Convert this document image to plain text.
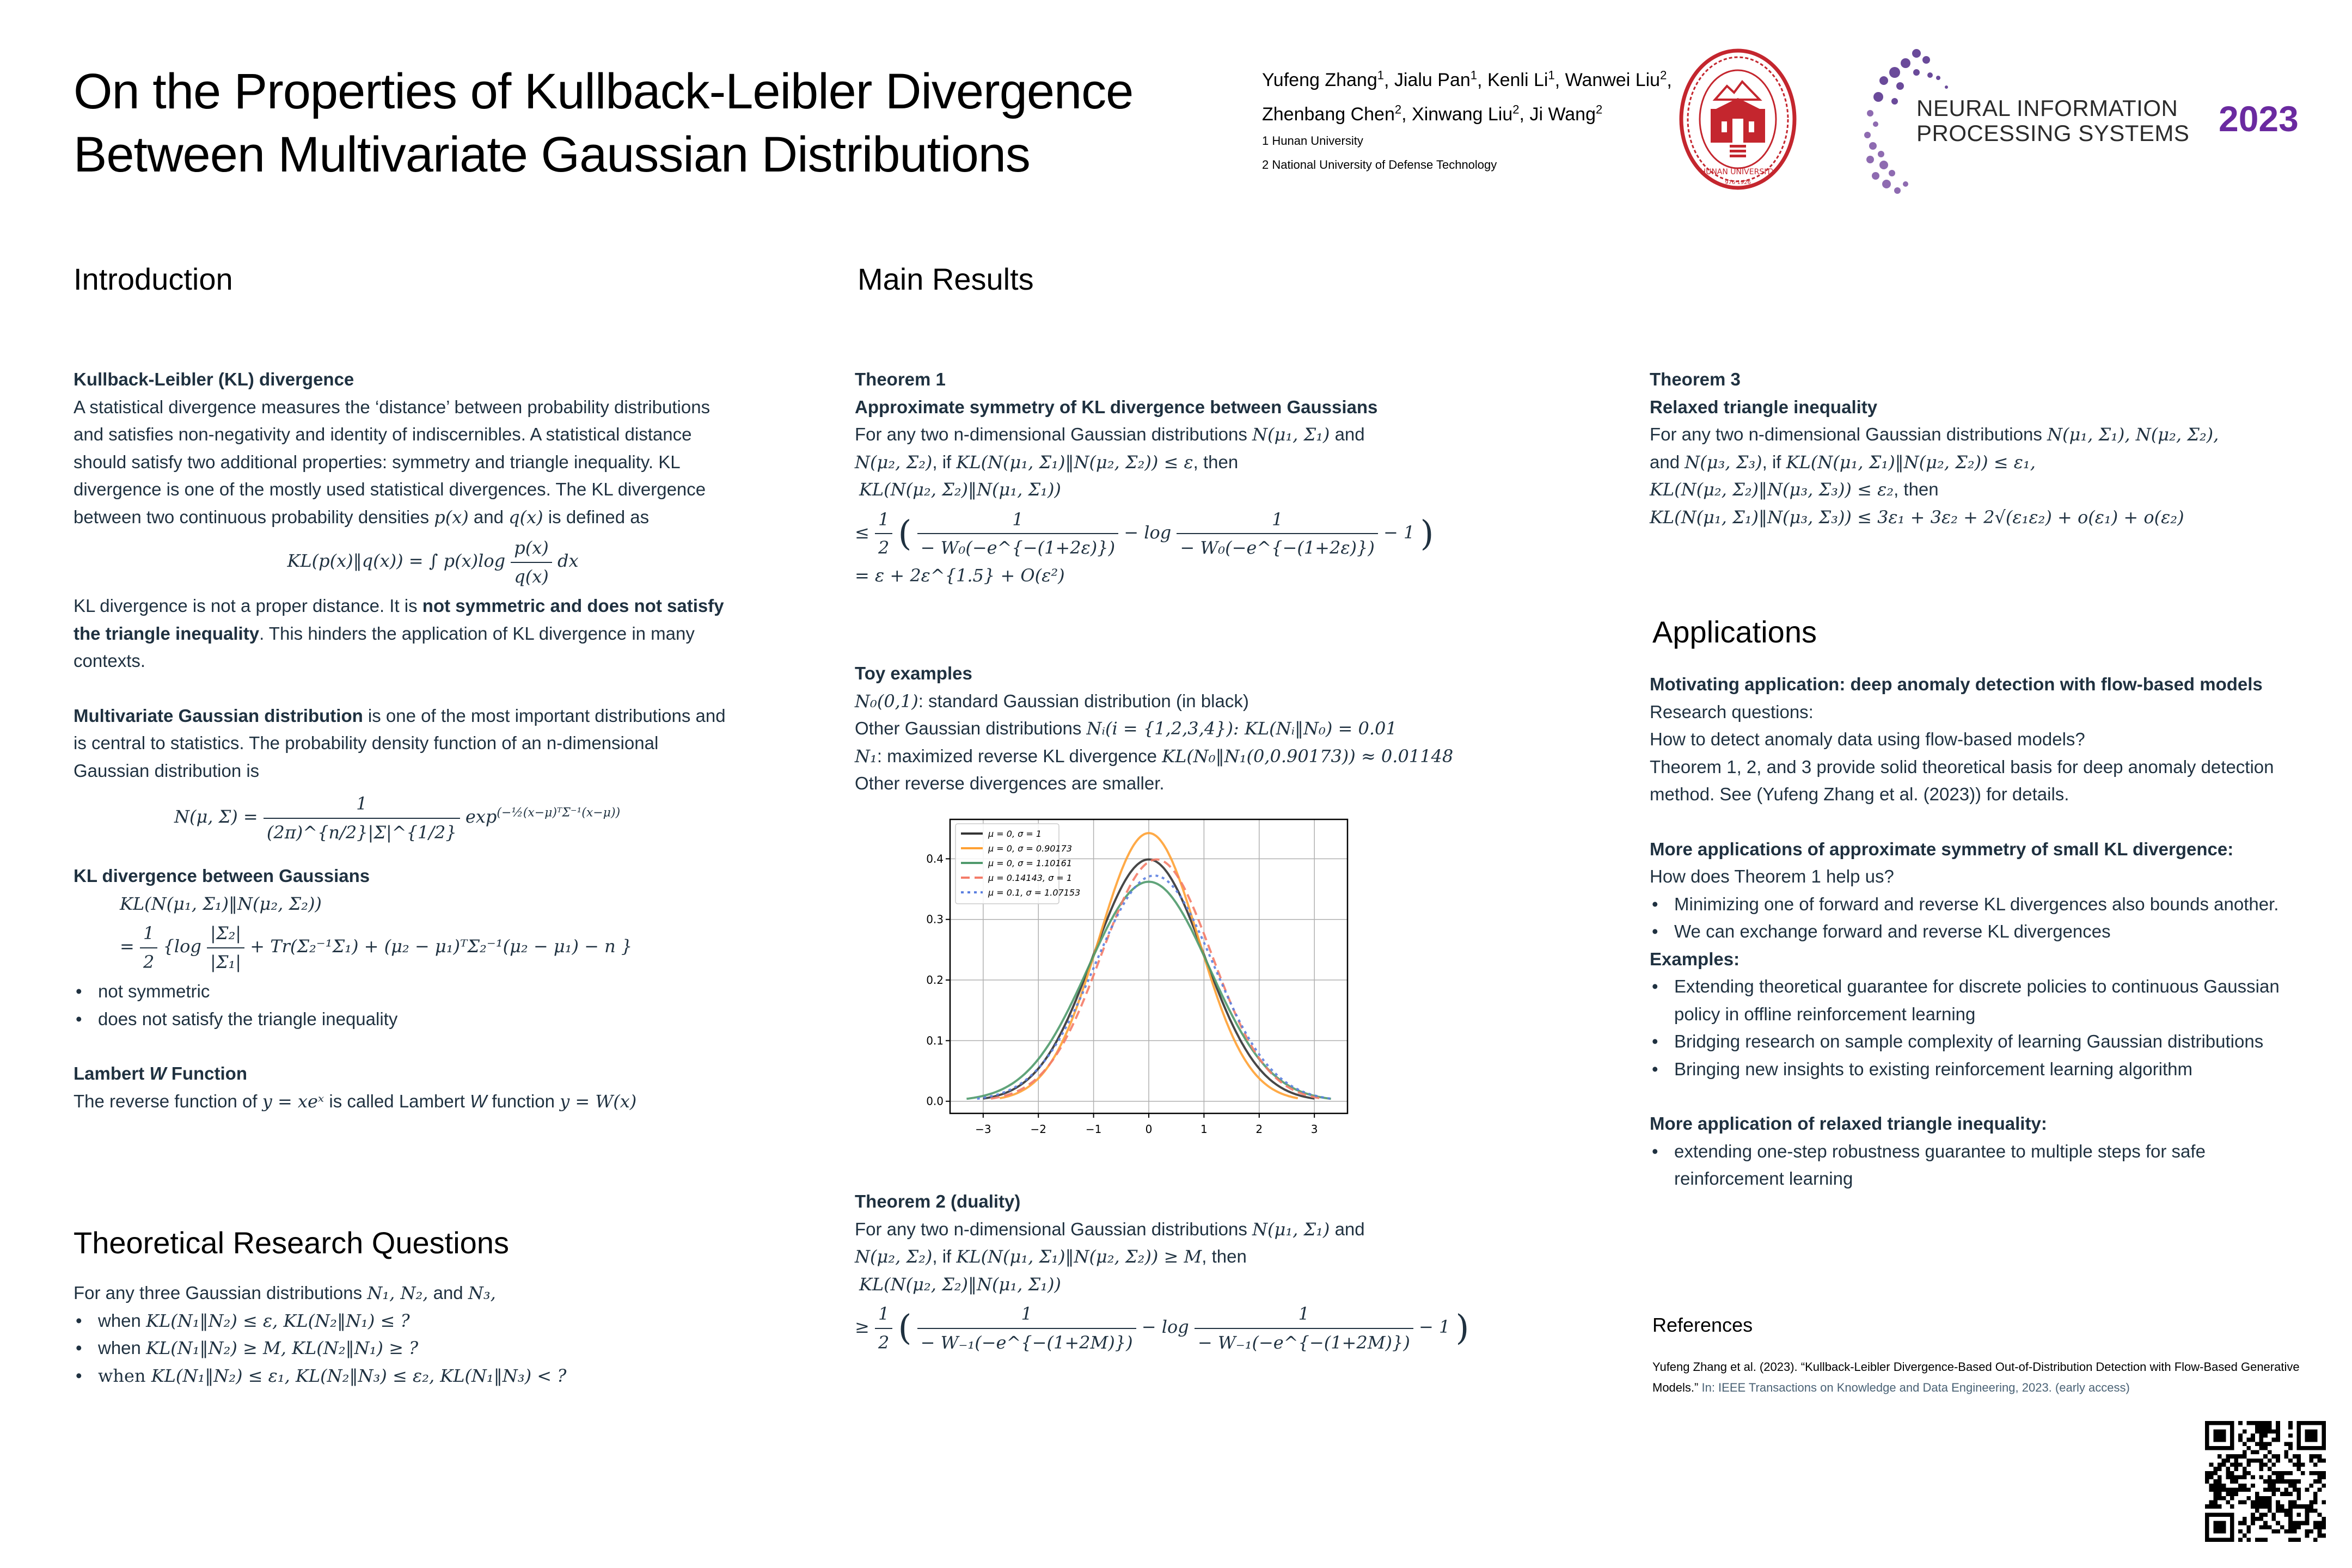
On the Properties of Kullback-Leibler Divergence
Between Multivariate Gaussian Distributions
Yufeng Zhang$^1$, Jialu Pan$^1$, Kenli Li$^1$, Wanwei Liu$^2$,
Zhenbang Chen$^2$, Xinwang Liu$^2$, Ji Wang$^2$
1 Hunan University
2 National University of Defense Technology
HUNAN UNIVERSITY
976·1926
NEURAL INFORMATION
PROCESSING SYSTEMS 2023
Introduction

Kullback-Leibler (KL) divergence

A statistical divergence measures the ‘distance’ between probability distributions and satisfies non-negativity and identity of indiscernibles. A statistical distance should satisfy two additional properties: symmetry and triangle inequality. KL divergence is one of the mostly used statistical divergences. The KL divergence between two continuous probability densities p(x) and q(x) is defined as

KL(p(x)‖q(x)) = ∫ $p(x)\log \frac{p(x)}{q(x)}$ dx

KL divergence is not a proper distance. It is not symmetric and does not satisfy the triangle inequality. This hinders the application of KL divergence in many contexts.

Multivariate Gaussian distribution is one of the most important distributions and is central to statistics. The probability density function of an n-dimensional Gaussian distribution is

N(μ, $\Sigma) = \frac{1}{(2\pi)\^{}\{n/2\}|\Sigma|\^{}\{1/2\}} \exp^{(-\frac{1}{2}(x-\mu)ᵀ\Sigma^{-1}(x-\mu))}$

KL divergence between Gaussians

KL(N(μ₁, Σ₁)‖N(μ₂, Σ₂))
= $\frac{1}{2} \{\log \frac{\text{|Σ₂|}}{\text{|Σ₁|}} + Tr(\Sigma_2^{-1}\Sigma_1) + (\mu_2$ − μ₁)ᵀΣ₂⁻¹(μ₂ − μ₁) − n }
• not symmetric
• does not satisfy the triangle inequality

Lambert W Function

The reverse function of y = xeˣ is called Lambert W function y = W(x)

Theoretical Research Questions

For any three Gaussian distributions N₁, N₂, and N₃,

• when KL(N₁‖N₂) ≤ ε, KL(N₂‖N₁) ≤ ?
• when KL(N₁‖N₂) ≥ M, KL(N₂‖N₁) ≥ ?
• when KL(N₁‖N₂) ≤ ε₁, KL(N₂‖N₃) ≤ ε₂, KL(N₁‖N₃) < ?
Main Results

Theorem 1

Approximate symmetry of KL divergence between Gaussians

For any two n-dimensional Gaussian distributions N(μ₁, Σ₁) and
N(μ₂, Σ₂), if KL(N(μ₁, Σ₁)‖N(μ₂, Σ₂)) ≤ ε, then
KL(N(μ₂, Σ₂)‖N(μ₁, Σ₁))

≤ $\frac{1}{2}$ ( $\frac{1}{\text{− W₀(−e\textasciicircum{}\{−(1+2ε)\})}} - \log \frac{1}{\text{− W₀(−e\textasciicircum{}\{−(1+2ε)\})}} - 1$ )
= ε + 2ε^{1.5} + O(ε²)

Toy examples

N₀(0,1): standard Gaussian distribution (in black)

Other Gaussian distributions Nᵢ(i = {1,2,3,4}): KL(Nᵢ‖N₀) = 0.01

N₁: maximized reverse KL divergence KL(N₀‖N₁(0,0.90173)) ≈ 0.01148

Other reverse divergences are smaller.

−3	−2	−1	0	1	2	3
0.0
0.1
0.2
0.3
0.4
μ = 0, σ = 1
μ = 0, σ = 0.90173
μ = 0, σ = 1.10161
μ = 0.14143, σ = 1
μ = 0.1, σ = 1.07153

Theorem 2 (duality)

For any two n-dimensional Gaussian distributions N(μ₁, Σ₁) and
N(μ₂, Σ₂), if KL(N(μ₁, Σ₁)‖N(μ₂, Σ₂)) ≥ M, then
KL(N(μ₂, Σ₂)‖N(μ₁, Σ₁))

≥ $\frac{1}{2}$ ( $\frac{1}{\text{− W₋₁(−e\textasciicircum{}\{−(1+2M)\})}} - \log \frac{1}{\text{− W₋₁(−e\textasciicircum{}\{−(1+2M)\})}} - 1$ )

Theorem 3

Relaxed triangle inequality

For any two n-dimensional Gaussian distributions N(μ₁, Σ₁), N(μ₂, Σ₂),
and N(μ₃, Σ₃), if KL(N(μ₁, Σ₁)‖N(μ₂, Σ₂)) ≤ ε₁,
KL(N(μ₂, Σ₂)‖N(μ₃, Σ₃)) ≤ ε₂, then
KL(N(μ₁, Σ₁)‖N(μ₃, Σ₃)) ≤ 3ε₁ + 3ε₂ + 2√(ε₁ε₂) + o(ε₁) + o(ε₂)

Applications

Motivating application: deep anomaly detection with flow-based models

Research questions:

How to detect anomaly data using flow-based models?

Theorem 1, 2, and 3 provide solid theoretical basis for deep anomaly detection method. See (Yufeng Zhang et al. (2023)) for details.

More applications of approximate symmetry of small KL divergence:

How does Theorem 1 help us?

• Minimizing one of forward and reverse KL divergences also bounds another.
• We can exchange forward and reverse KL divergences

Examples:

• Extending theoretical guarantee for discrete policies to continuous Gaussian policy in offline reinforcement learning
• Bridging research on sample complexity of learning Gaussian distributions
• Bringing new insights to existing reinforcement learning algorithm

More application of relaxed triangle inequality:

• extending one-step robustness guarantee to multiple steps for safe reinforcement learning
References
Yufeng Zhang et al. (2023). “Kullback-Leibler Divergence-Based Out-of-Distribution Detection with Flow-Based Generative Models.” In: IEEE Transactions on Knowledge and Data Engineering, 2023. (early access)
